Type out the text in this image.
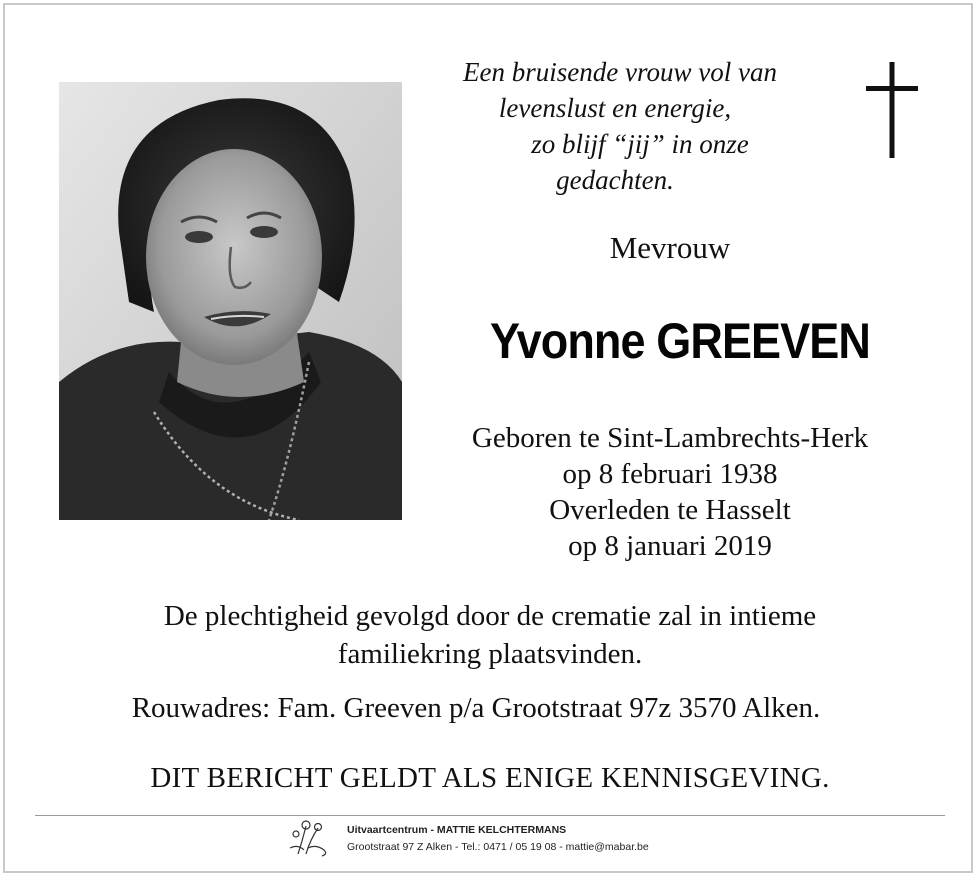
Een bruisende vrouw vol van
levenslust en energie,
zo blijf “jij” in onze
gedachten.
Mevrouw
Yvonne GREEVEN
Geboren te Sint-Lambrechts-Herk
op 8 februari 1938
Overleden te Hasselt
op 8 januari 2019
De plechtigheid gevolgd door de crematie zal in intieme
familiekring plaatsvinden.
Rouwadres: Fam. Greeven p/a Grootstraat 97z 3570 Alken.
DIT BERICHT GELDT ALS ENIGE KENNISGEVING.
Uitvaartcentrum - MATTIE KELCHTERMANS
Grootstraat 97 Z Alken - Tel.: 0471 / 05 19 08 - mattie@mabar.be
